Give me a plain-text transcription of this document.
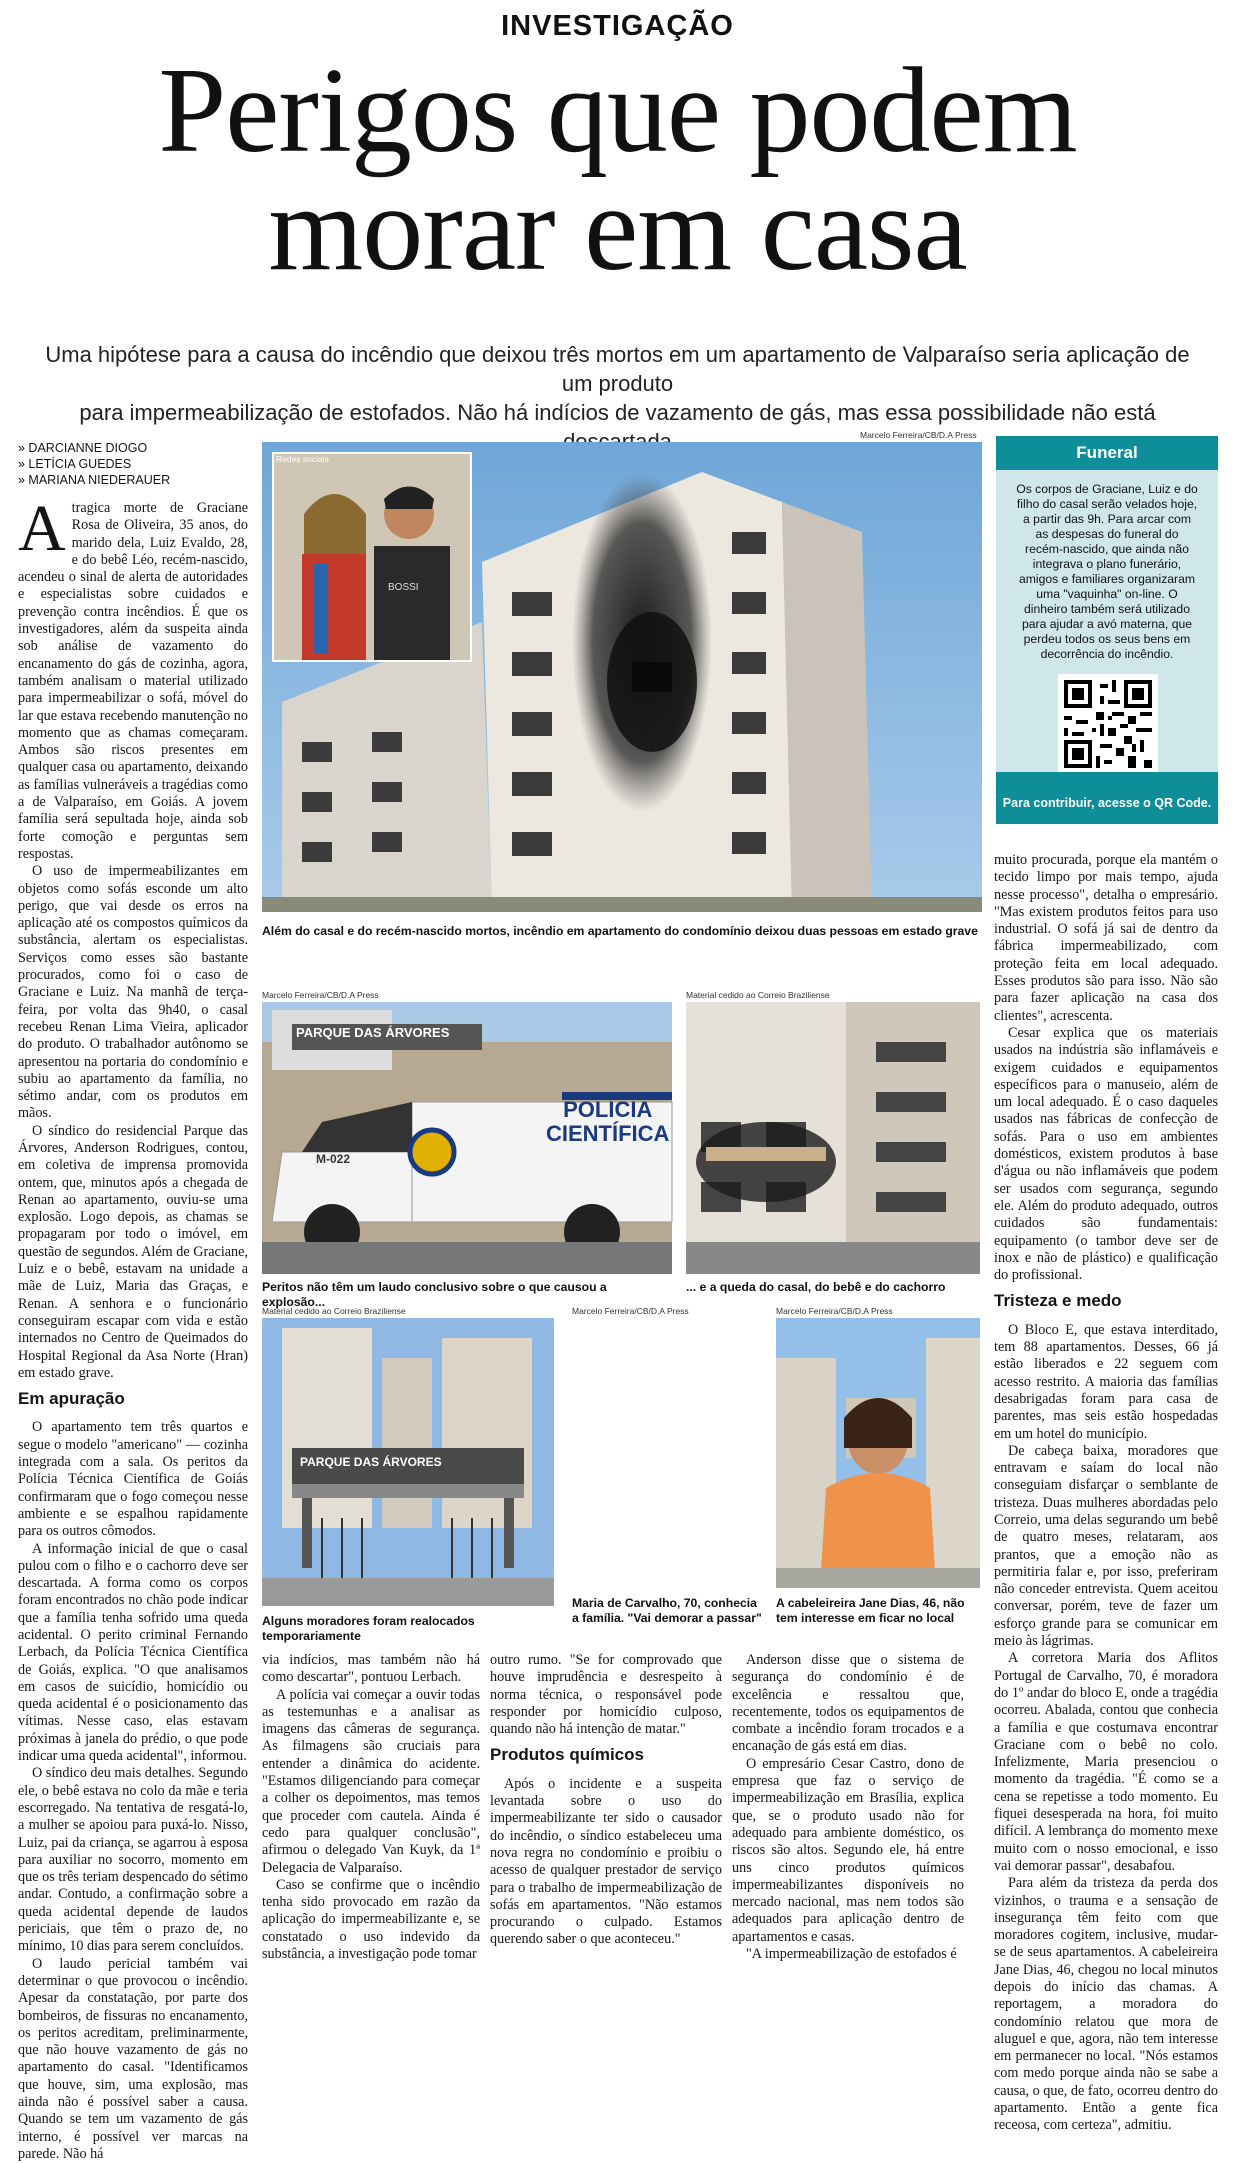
INVESTIGAÇÃO
Perigos que podem
morar em casa
Uma hipótese para a causa do incêndio que deixou três mortos em um apartamento de Valparaíso seria aplicação de um produto
para impermeabilização de estofados. Não há indícios de vazamento de gás, mas essa possibilidade não está
» DARCIANNE DIOGO
» LETÍCIA GUEDES
» MARIANA NIEDERAUER

Atragica morte de Graciane Rosa de Oliveira, 35 anos, do marido dela, Luiz Evaldo, 28, e do bebê Léo, recém-nascido, acendeu o sinal de alerta de autoridades e especialistas sobre cuidados e prevenção contra incêndios. É que os investigadores, além da suspeita ainda sob análise de vazamento do encanamento do gás de cozinha, agora, também analisam o material utilizado para impermeabilizar o sofá, móvel do lar que estava recebendo manutenção no momento que as chamas começaram. Ambos são riscos presentes em qualquer casa ou apartamento, deixando as famílias vulneráveis a tragédias como a de Valparaíso, em Goiás. A jovem família será sepultada hoje, ainda sob forte comoção e perguntas sem respostas.

O uso de impermeabilizantes em objetos como sofás esconde um alto perigo, que vai desde os erros na aplicação até os compostos químicos da substância, alertam os especialistas. Serviços como esses são bastante procurados, como foi o caso de Graciane e Luiz. Na manhã de terça-feira, por volta das 9h40, o casal recebeu Renan Lima Vieira, aplicador do produto. O trabalhador autônomo se apresentou na portaria do condomínio e subiu ao apartamento da família, no sétimo andar, com os produtos em mãos.

O síndico do residencial Parque das Árvores, Anderson Rodrigues, contou, em coletiva de imprensa promovida ontem, que, minutos após a chegada de Renan ao apartamento, ouviu-se uma explosão. Logo depois, as chamas se propagaram por todo o imóvel, em questão de segundos. Além de Graciane, Luiz e o bebê, estavam na unidade a mãe de Luiz, Maria das Graças, e Renan. A senhora e o funcionário conseguiram escapar com vida e estão internados no Centro de Queimados do Hospital Regional da Asa Norte (Hran) em estado grave.

Em apuração

O apartamento tem três quartos e segue o modelo "americano" — cozinha integrada com a sala. Os peritos da Polícia Técnica Científica de Goiás confirmaram que o fogo começou nesse ambiente e se espalhou rapidamente para os outros cômodos.

A informação inicial de que o casal pulou com o filho e o cachorro deve ser descartada. A forma como os corpos foram encontrados no chão pode indicar que a família tenha sofrido uma queda acidental. O perito criminal Fernando Lerbach, da Polícia Técnica Científica de Goiás, explica. "O que analisamos em casos de suicídio, homicídio ou queda acidental é o posicionamento das vítimas. Nesse caso, elas estavam próximas à janela do prédio, o que pode indicar uma queda acidental", informou.

O síndico deu mais detalhes. Segundo ele, o bebê estava no colo da mãe e teria escorregado. Na tentativa de resgatá-lo, a mulher se apoiou para puxá-lo. Nisso, Luiz, pai da criança, se agarrou à esposa para auxiliar no socorro, momento em que os três teriam despencado do sétimo andar. Contudo, a confirmação sobre a queda acidental depende de laudos periciais, que têm o prazo de, no mínimo, 10 dias para serem concluídos.

O laudo pericial também vai determinar o que provocou o incêndio. Apesar da constatação, por parte dos bombeiros, de fissuras no encanamento, os peritos acreditam, preliminarmente, que não houve vazamento de gás no apartamento do casal. "Identificamos que houve, sim, uma explosão, mas ainda não é possível saber a causa. Quando se tem um vazamento de gás interno, é possível ver marcas na parede. Não há

Marcelo Ferreira/CB/D.A Press
Redes sociais
BOSSI
Além do casal e do recém-nascido mortos, incêndio em apartamento do condomínio deixou duas pessoas em estado grave
Marcelo Ferreira/CB/D.A Press
PARQUE DAS ÁRVORES
POLÍCIA
CIENTÍFICA
M-022
Peritos não têm um laudo conclusivo sobre o que causou a explosão...
Material cedido ao Correio Braziliense
... e a queda do casal, do bebê e do cachorro
Funeral
Os corpos de Graciane, Luiz e do filho do casal serão velados hoje, a partir das 9h. Para arcar com as despesas do funeral do recém-nascido, que ainda não integrava o plano funerário, amigos e familiares organizaram uma "vaquinha" on-line. O dinheiro também será utilizado para ajudar a avó materna, que perdeu todos os seus bens em decorrência do incêndio.
Para contribuir, acesse o QR Code.
Material cedido ao Correio Braziliense
PARQUE DAS ÁRVORES
Alguns moradores foram realocados temporariamente
Marcelo Ferreira/CB/D.A Press
Maria de Carvalho, 70, conhecia a família. "Vai demorar a passar"
Marcelo Ferreira/CB/D.A Press
A cabeleireira Jane Dias, 46, não tem interesse em ficar no local

via indícios, mas também não há como descartar", pontuou Lerbach.

A polícia vai começar a ouvir todas as testemunhas e a analisar as imagens das câmeras de segurança. As filmagens são cruciais para entender a dinâmica do acidente. "Estamos diligenciando para começar a colher os depoimentos, mas temos que proceder com cautela. Ainda é cedo para qualquer conclusão", afirmou o delegado Van Kuyk, da 1ª Delegacia de Valparaíso.

Caso se confirme que o incêndio tenha sido provocado em razão da aplicação do impermeabilizante e, se constatado o uso indevido da substância, a investigação pode tomar

outro rumo. "Se for comprovado que houve imprudência e desrespeito à norma técnica, o responsável pode responder por homicídio culposo, quando não há intenção de matar."

Produtos químicos

Após o incidente e a suspeita levantada sobre o uso do impermeabilizante ter sido o causador do incêndio, o síndico estabeleceu uma nova regra no condomínio e proibiu o acesso de qualquer prestador de serviço para o trabalho de impermeabilização de sofás em apartamentos. "Não estamos procurando o culpado. Estamos querendo saber o que aconteceu."

Anderson disse que o sistema de segurança do condomínio é de excelência e ressaltou que, recentemente, todos os equipamentos de combate a incêndio foram trocados e a encanação de gás está em dias.

O empresário Cesar Castro, dono de empresa que faz o serviço de impermeabilização em Brasília, explica que, se o produto usado não for adequado para ambiente doméstico, os riscos são altos. Segundo ele, há entre uns cinco produtos químicos impermeabilizantes disponíveis no mercado nacional, mas nem todos são adequados para aplicação dentro de apartamentos e casas.

"A impermeabilização de estofados é

muito procurada, porque ela mantém o tecido limpo por mais tempo, ajuda nesse processo", detalha o empresário. "Mas existem produtos feitos para uso industrial. O sofá já sai de dentro da fábrica impermeabilizado, com proteção feita em local adequado. Esses produtos são para isso. Não são para fazer aplicação na casa dos clientes", acrescenta.

Cesar explica que os materiais usados na indústria são inflamáveis e exigem cuidados e equipamentos específicos para o manuseio, além de um local adequado. É o caso daqueles usados nas fábricas de confecção de sofás. Para o uso em ambientes domésticos, existem produtos à base d'água ou não inflamáveis que podem ser usados com segurança, segundo ele. Além do produto adequado, outros cuidados são fundamentais: equipamento (o tambor deve ser de inox e não de plástico) e qualificação do profissional.

Tristeza e medo

O Bloco E, que estava interditado, tem 88 apartamentos. Desses, 66 já estão liberados e 22 seguem com acesso restrito. A maioria das famílias desabrigadas foram para casa de parentes, mas seis estão hospedadas em um hotel do município.

De cabeça baixa, moradores que entravam e saíam do local não conseguiam disfarçar o semblante de tristeza. Duas mulheres abordadas pelo Correio, uma delas segurando um bebê de quatro meses, relataram, aos prantos, que a emoção não as permitiria falar e, por isso, preferiram não conceder entrevista. Quem aceitou conversar, porém, teve de fazer um esforço grande para se comunicar em meio às lágrimas.

A corretora Maria dos Aflitos Portugal de Carvalho, 70, é moradora do 1º andar do bloco E, onde a tragédia ocorreu. Abalada, contou que conhecia a família e que costumava encontrar Graciane com o bebê no colo. Infelizmente, Maria presenciou o momento da tragédia. "É como se a cena se repetisse a todo momento. Eu fiquei desesperada na hora, foi muito difícil. A lembrança do momento mexe muito com o nosso emocional, e isso vai demorar passar", desabafou.

Para além da tristeza da perda dos vizinhos, o trauma e a sensação de insegurança têm feito com que moradores cogitem, inclusive, mudar-se de seus apartamentos. A cabeleireira Jane Dias, 46, chegou no local minutos depois do início das chamas. A reportagem, a moradora do condomínio relatou que mora de aluguel e que, agora, não tem interesse em permanecer no local. "Nós estamos com medo porque ainda não se sabe a causa, o que, de fato, ocorreu dentro do apartamento. Então a gente fica receosa, com certeza", admitiu.
